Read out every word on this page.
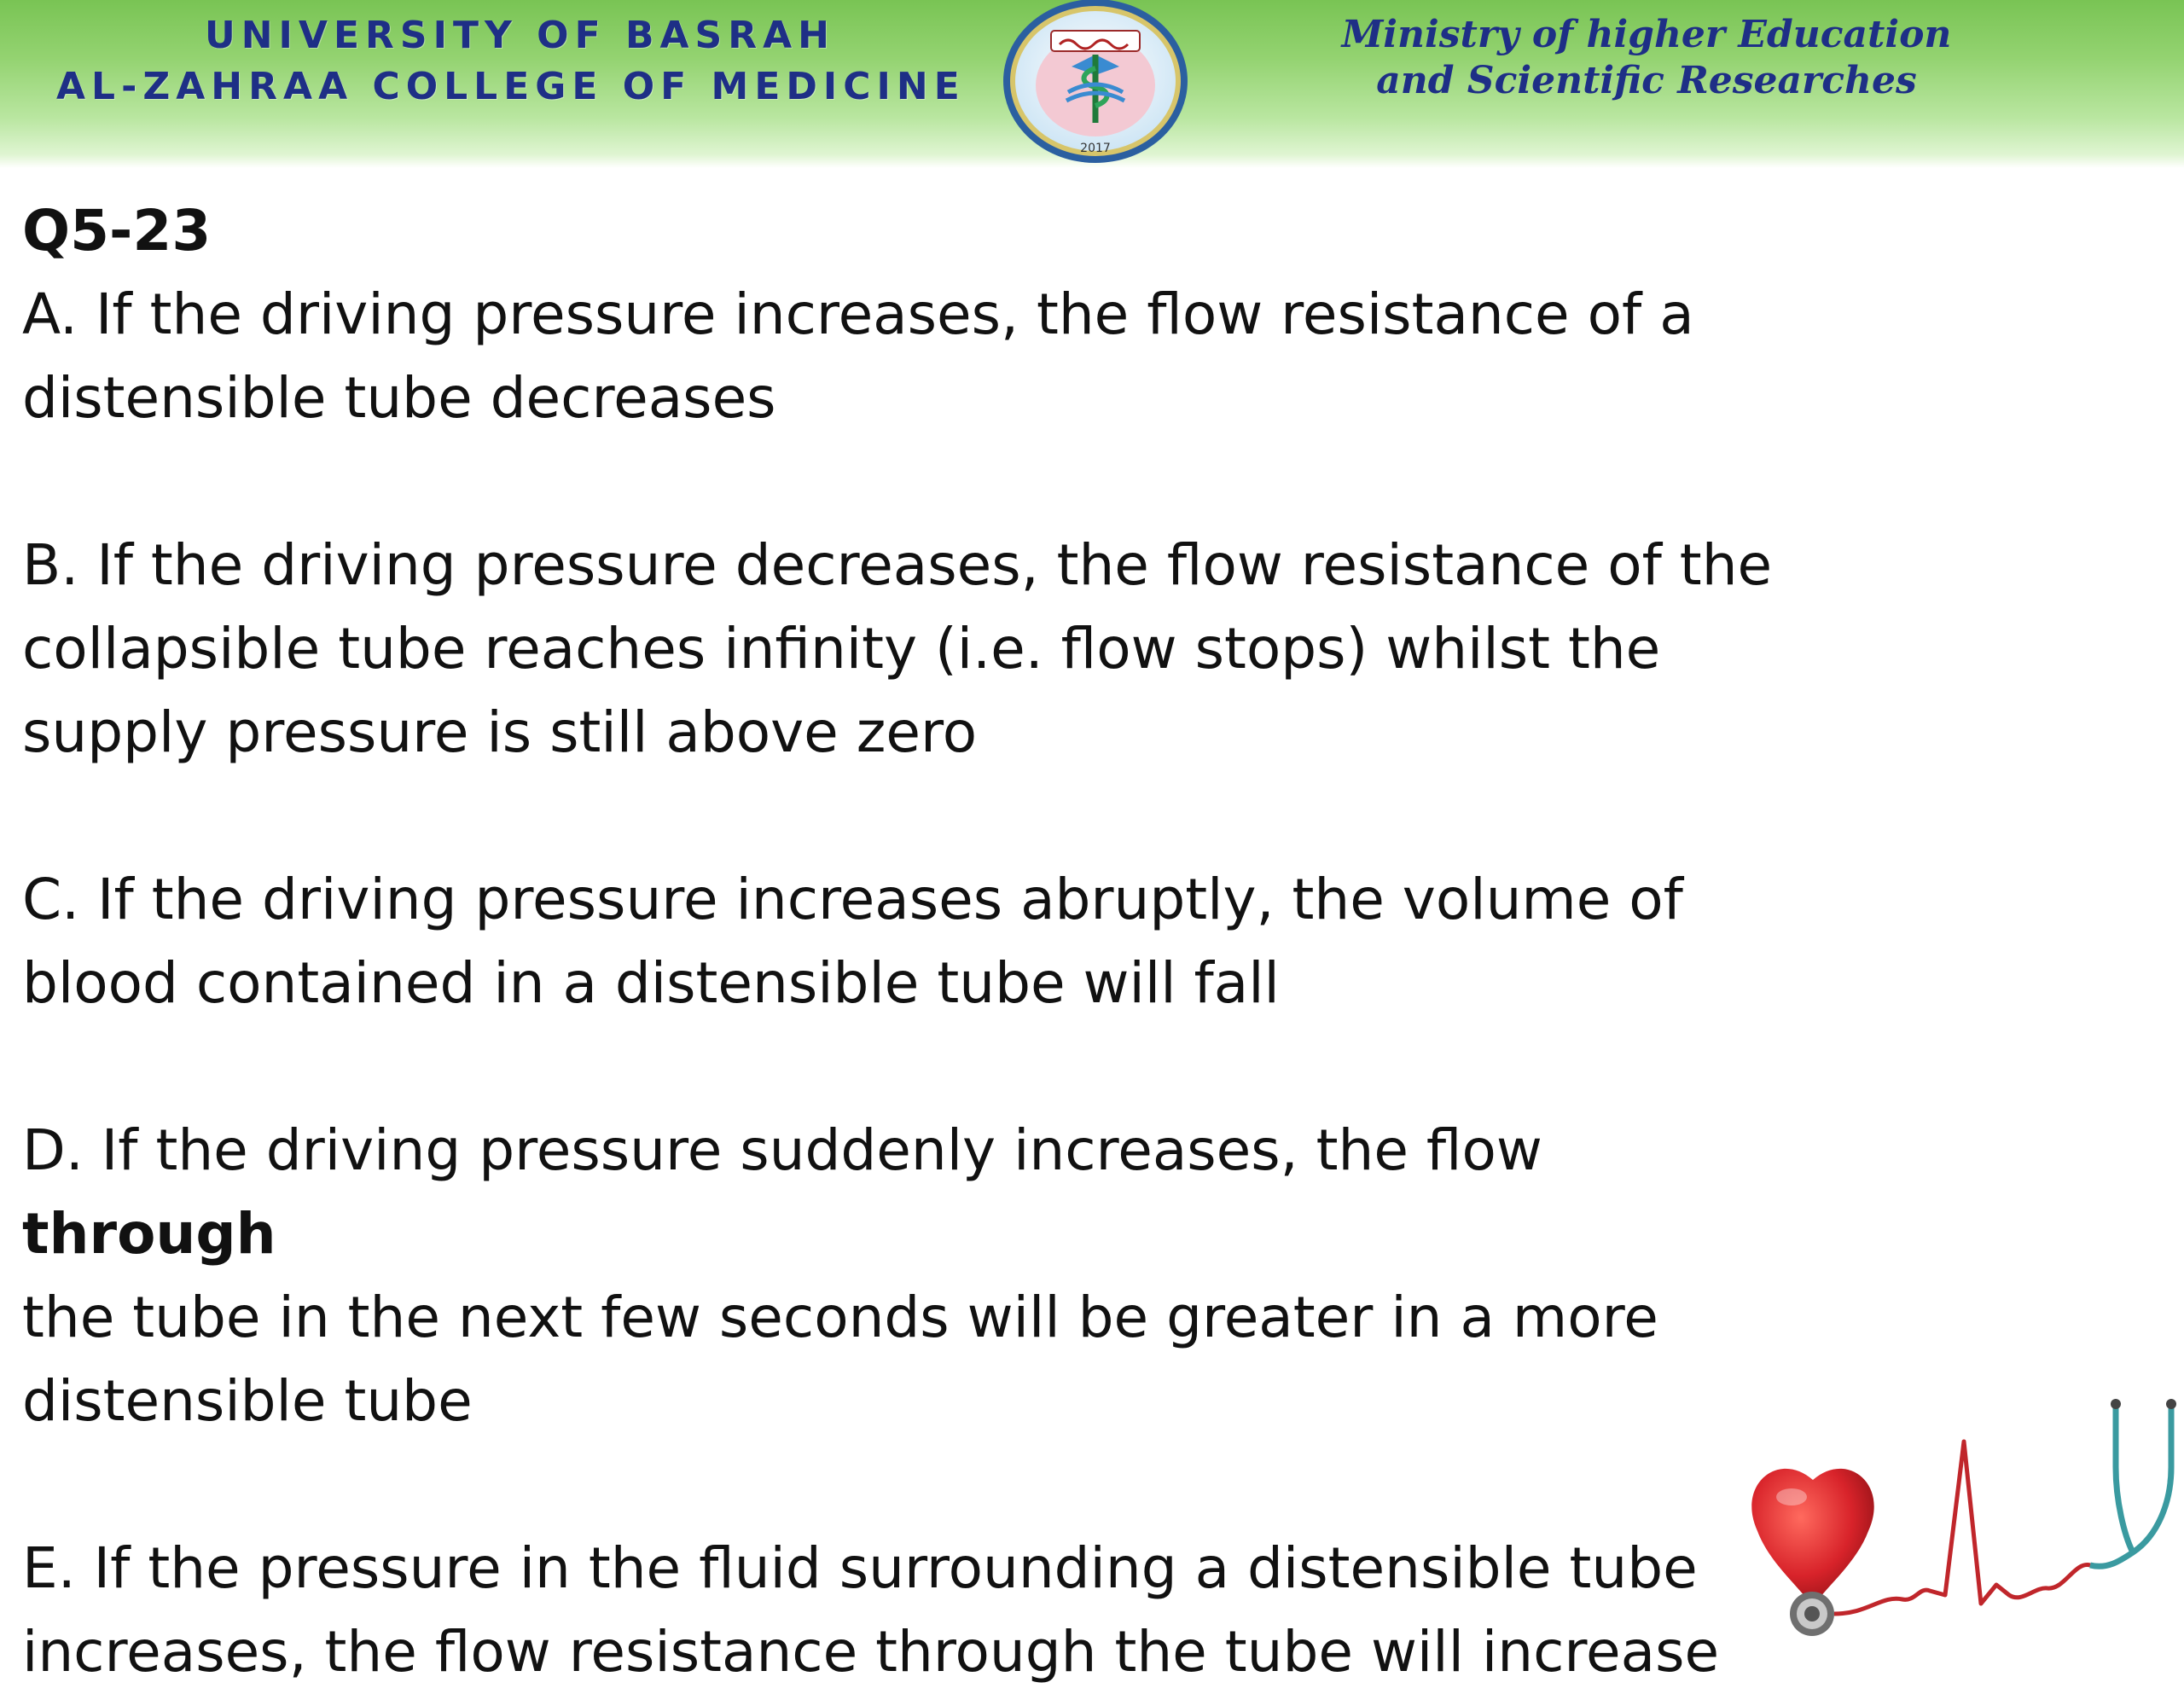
UNIVERSITY OF BASRAH
AL-ZAHRAA COLLEGE OF MEDICINE
2017
Ministry of higher Education
and Scientific Researches
Q5-23
A. If the driving pressure increases, the flow resistance of a
distensible tube decreases
B. If the driving pressure decreases, the flow resistance of the
collapsible tube reaches infinity (i.e. flow stops) whilst the
supply pressure is still above zero
C. If the driving pressure increases abruptly, the volume of
blood contained in a distensible tube will fall
D. If the driving pressure suddenly increases, the flow through
the tube in the next few seconds will be greater in a more
distensible tube
E. If the pressure in the fluid surrounding a distensible tube
increases, the flow resistance through the tube will increase
